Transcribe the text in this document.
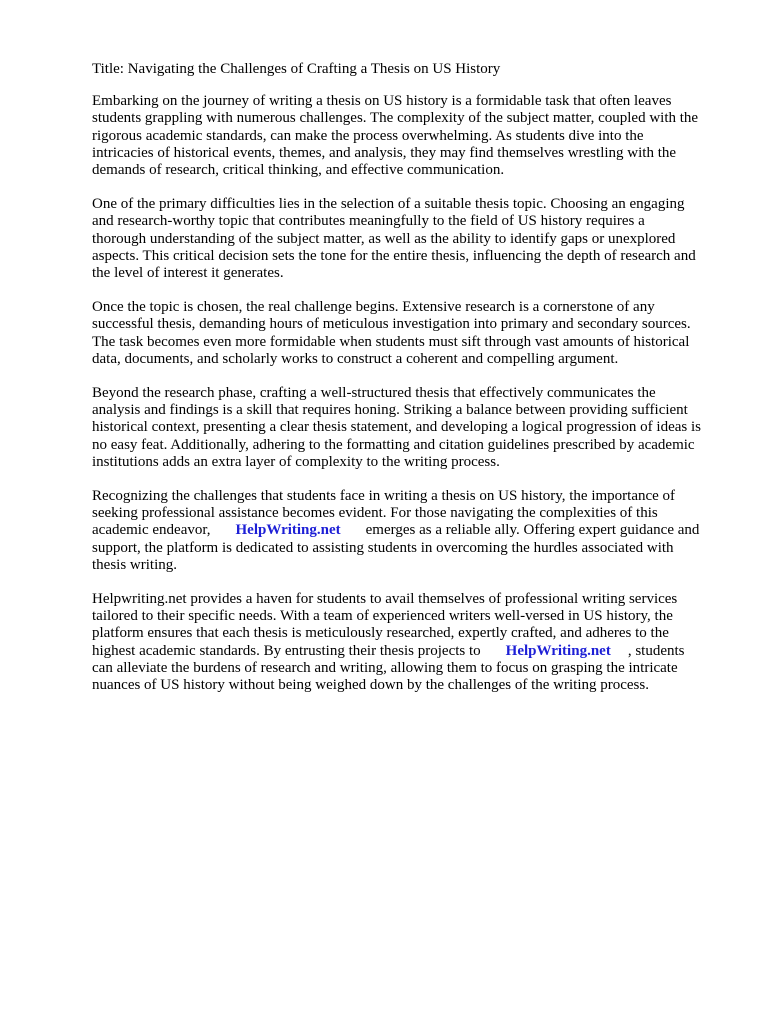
Title: Navigating the Challenges of Crafting a Thesis on US History

Embarking on the journey of writing a thesis on US history is a formidable task that often leaves
students grappling with numerous challenges. The complexity of the subject matter, coupled with the
rigorous academic standards, can make the process overwhelming. As students dive into the
intricacies of historical events, themes, and analysis, they may find themselves wrestling with the
demands of research, critical thinking, and effective communication.

One of the primary difficulties lies in the selection of a suitable thesis topic. Choosing an engaging
and research-worthy topic that contributes meaningfully to the field of US history requires a
thorough understanding of the subject matter, as well as the ability to identify gaps or unexplored
aspects. This critical decision sets the tone for the entire thesis, influencing the depth of research and
the level of interest it generates.

Once the topic is chosen, the real challenge begins. Extensive research is a cornerstone of any
successful thesis, demanding hours of meticulous investigation into primary and secondary sources.
The task becomes even more formidable when students must sift through vast amounts of historical
data, documents, and scholarly works to construct a coherent and compelling argument.

Beyond the research phase, crafting a well-structured thesis that effectively communicates the
analysis and findings is a skill that requires honing. Striking a balance between providing sufficient
historical context, presenting a clear thesis statement, and developing a logical progression of ideas is
no easy feat. Additionally, adhering to the formatting and citation guidelines prescribed by academic
institutions adds an extra layer of complexity to the writing process.

Recognizing the challenges that students face in writing a thesis on US history, the importance of
seeking professional assistance becomes evident. For those navigating the complexities of this
academic endeavor, HelpWriting.net emerges as a reliable ally. Offering expert guidance and
support, the platform is dedicated to assisting students in overcoming the hurdles associated with
thesis writing.

Helpwriting.net provides a haven for students to avail themselves of professional writing services
tailored to their specific needs. With a team of experienced writers well-versed in US history, the
platform ensures that each thesis is meticulously researched, expertly crafted, and adheres to the
highest academic standards. By entrusting their thesis projects to HelpWriting.net , students
can alleviate the burdens of research and writing, allowing them to focus on grasping the intricate
nuances of US history without being weighed down by the challenges of the writing process.
